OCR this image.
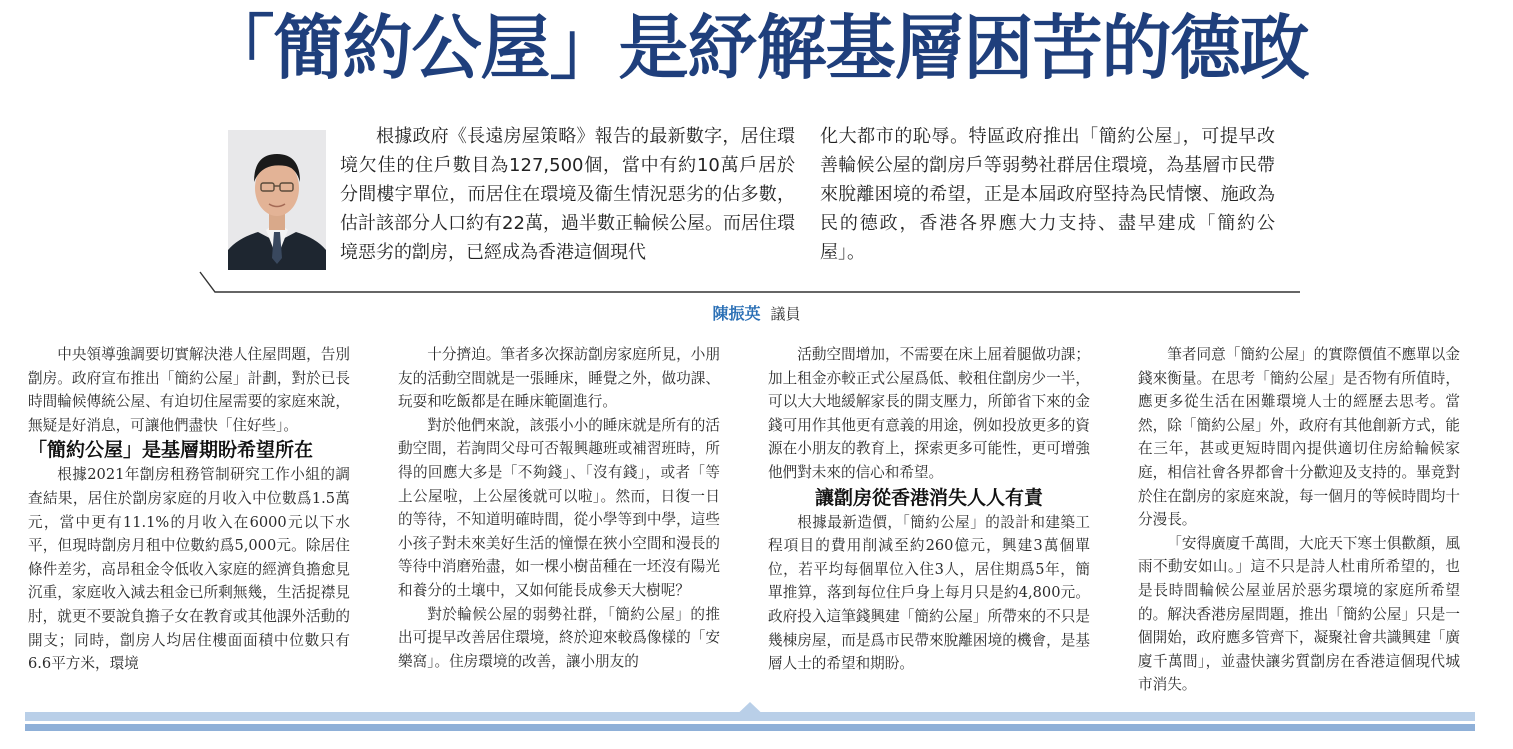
「簡約公屋」是紓解基層困苦的德政

根據政府《長遠房屋策略》報告的最新數字，居住環境欠佳的住戶數目為127,500個，當中有約10萬戶居於分間樓宇單位，而居住在環境及衞生情況惡劣的佔多數，估計該部分人口約有22萬，過半數正輪候公屋。而居住環境惡劣的劏房，已經成為香港這個現代

化大都市的恥辱。特區政府推出「簡約公屋」，可提早改善輪候公屋的劏房戶等弱勢社群居住環境，為基層市民帶來脫離困境的希望，正是本屆政府堅持為民情懷、施政為民的德政，香港各界應大力支持、盡早建成「簡約公屋」。

陳振英 議員

中央領導強調要切實解決港人住屋問題，告別劏房。政府宣布推出「簡約公屋」計劃，對於已長時間輪候傳統公屋、有迫切住屋需要的家庭來說，無疑是好消息，可讓他們盡快「住好些」。

「簡約公屋」是基層期盼希望所在

根據2021年劏房租務管制研究工作小組的調查結果，居住於劏房家庭的月收入中位數爲1.5萬元，當中更有11.1%的月收入在6000元以下水平，但現時劏房月租中位數約爲5,000元。除居住條件差劣，高昂租金令低收入家庭的經濟負擔愈見沉重，家庭收入減去租金已所剩無幾，生活捉襟見肘，就更不要說負擔子女在教育或其他課外活動的開支；同時，劏房人均居住樓面面積中位數只有6.6平方米，環境

十分擠迫。筆者多次探訪劏房家庭所見，小朋友的活動空間就是一張睡床，睡覺之外，做功課、玩耍和吃飯都是在睡床範圍進行。

對於他們來說，該張小小的睡床就是所有的活動空間，若詢問父母可否報興趣班或補習班時，所得的回應大多是「不夠錢」、「沒有錢」，或者「等上公屋啦，上公屋後就可以啦」。然而，日復一日的等待，不知道明確時間，從小學等到中學，這些小孩子對未來美好生活的憧憬在狹小空間和漫長的等待中消磨殆盡，如一棵小樹苗種在一坯沒有陽光和養分的土壤中，又如何能長成參天大樹呢？

對於輪候公屋的弱勢社群，「簡約公屋」的推出可提早改善居住環境，終於迎來較爲像樣的「安樂窩」。住房環境的改善，讓小朋友的

活動空間增加，不需要在床上屈着腿做功課；加上租金亦較正式公屋爲低、較租住劏房少一半，可以大大地緩解家長的開支壓力，所節省下來的金錢可用作其他更有意義的用途，例如投放更多的資源在小朋友的教育上，探索更多可能性，更可增強他們對未來的信心和希望。

讓劏房從香港消失人人有責

根據最新造價，「簡約公屋」的設計和建築工程項目的費用削減至約260億元，興建3萬個單位，若平均每個單位入住3人，居住期爲5年，簡單推算，落到每位住戶身上每月只是約4,800元。政府投入這筆錢興建「簡約公屋」所帶來的不只是幾棟房屋，而是爲市民帶來脫離困境的機會，是基層人士的希望和期盼。

筆者同意「簡約公屋」的實際價值不應單以金錢來衡量。在思考「簡約公屋」是否物有所值時，應更多從生活在困難環境人士的經歷去思考。當然，除「簡約公屋」外，政府有其他創新方式，能在三年，甚或更短時間內提供適切住房給輪候家庭，相信社會各界都會十分歡迎及支持的。畢竟對於住在劏房的家庭來說，每一個月的等候時間均十分漫長。

「安得廣廈千萬間，大庇天下寒士俱歡顏，風雨不動安如山。」這不只是詩人杜甫所希望的，也是長時間輪候公屋並居於惡劣環境的家庭所希望的。解決香港房屋問題，推出「簡約公屋」只是一個開始，政府應多管齊下，凝聚社會共識興建「廣廈千萬間」，並盡快讓劣質劏房在香港這個現代城市消失。
